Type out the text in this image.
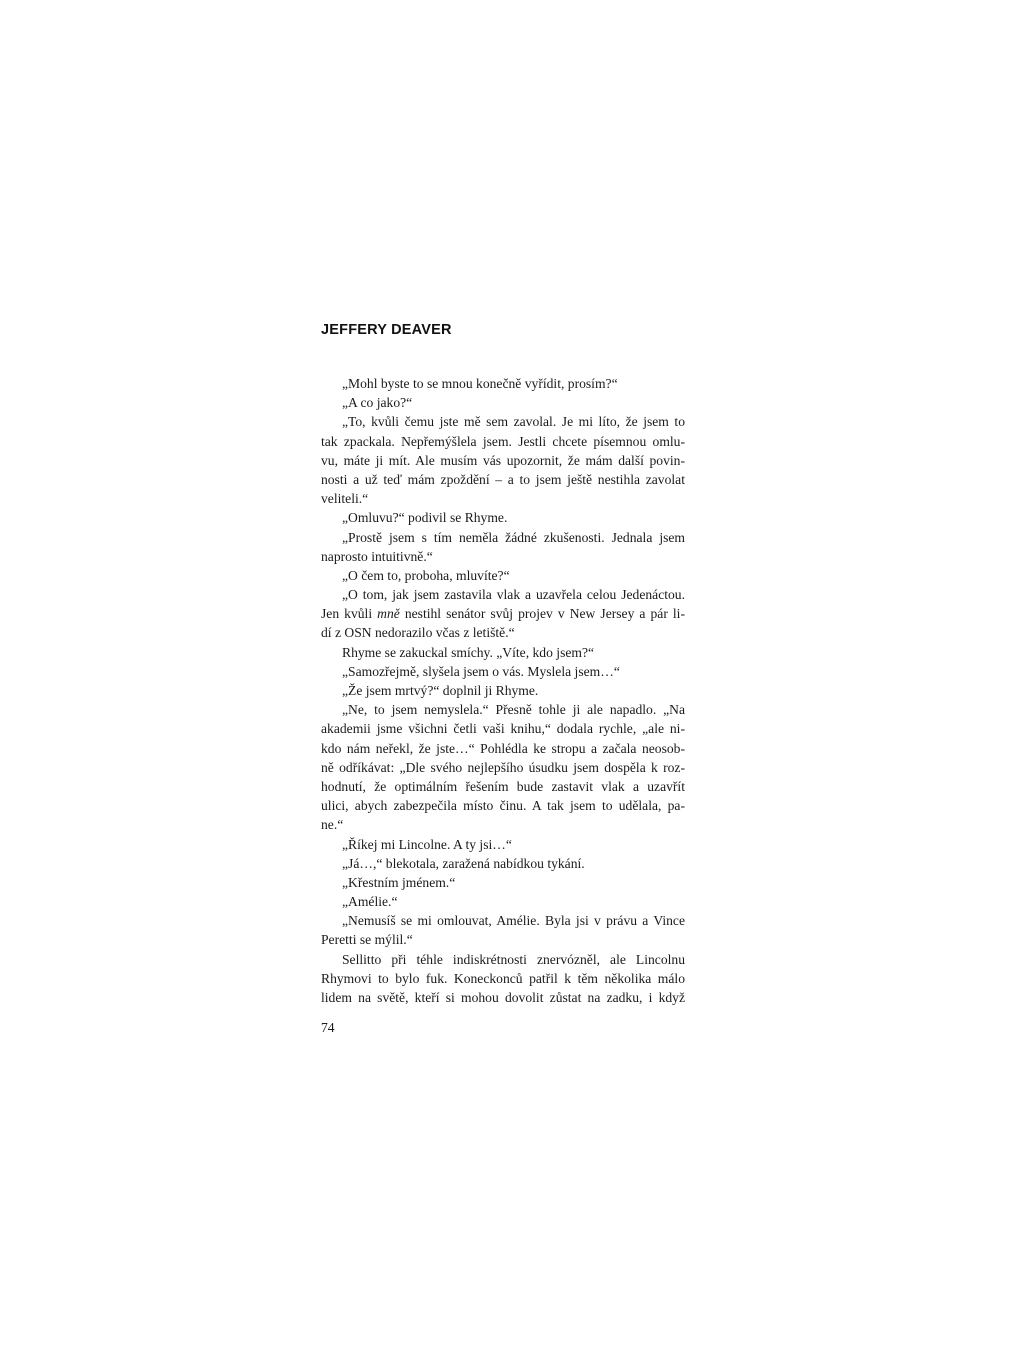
JEFFERY DEAVER
„Mohl byste to se mnou konečně vyřídit, prosím?“
„A co jako?“
„To, kvůli čemu jste mě sem zavolal. Je mi líto, že jsem to
tak zpackala. Nepřemýšlela jsem. Jestli chcete písemnou omlu-
vu, máte ji mít. Ale musím vás upozornit, že mám další povin-
nosti a už teď mám zpoždění – a to jsem ještě nestihla zavolat
veliteli.“
„Omluvu?“ podivil se Rhyme.
„Prostě jsem s tím neměla žádné zkušenosti. Jednala jsem
naprosto intuitivně.“
„O čem to, proboha, mluvíte?“
„O tom, jak jsem zastavila vlak a uzavřela celou Jedenáctou.
Jen kvůli mně nestihl senátor svůj projev v New Jersey a pár li-
dí z OSN nedorazilo včas z letiště.“
Rhyme se zakuckal smíchy. „Víte, kdo jsem?“
„Samozřejmě, slyšela jsem o vás. Myslela jsem…“
„Že jsem mrtvý?“ doplnil ji Rhyme.
„Ne, to jsem nemyslela.“ Přesně tohle ji ale napadlo. „Na
akademii jsme všichni četli vaši knihu,“ dodala rychle, „ale ni-
kdo nám neřekl, že jste…“ Pohlédla ke stropu a začala neosob-
ně odříkávat: „Dle svého nejlepšího úsudku jsem dospěla k roz-
hodnutí, že optimálním řešením bude zastavit vlak a uzavřít
ulici, abych zabezpečila místo činu. A tak jsem to udělala, pa-
ne.“
„Říkej mi Lincolne. A ty jsi…“
„Já…,“ blekotala, zaražená nabídkou tykání.
„Křestním jménem.“
„Amélie.“
„Nemusíš se mi omlouvat, Amélie. Byla jsi v právu a Vince
Peretti se mýlil.“
Sellitto při téhle indiskrétnosti znervózněl, ale Lincolnu
Rhymovi to bylo fuk. Koneckonců patřil k těm několika málo
lidem na světě, kteří si mohou dovolit zůstat na zadku, i když
74
